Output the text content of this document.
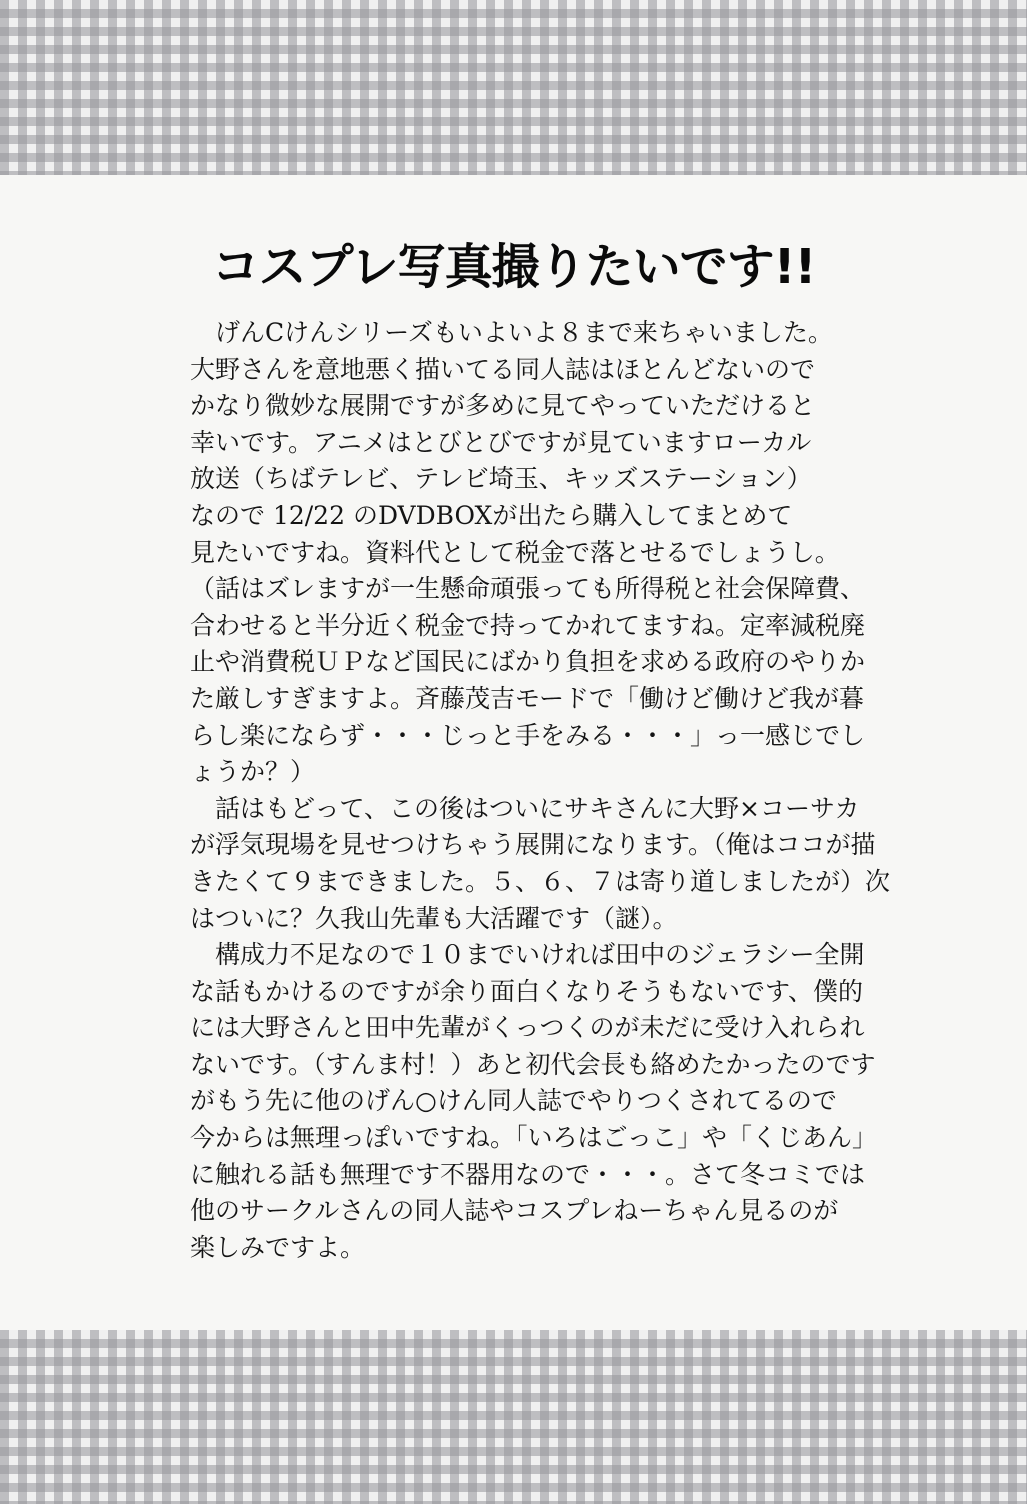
コスプレ写真撮りたいです!!
　げんCけんシリーズもいよいよ８まで来ちゃいました。
大野さんを意地悪く描いてる同人誌はほとんどないので
かなり微妙な展開ですが多めに見てやっていただけると
幸いです。アニメはとびとびですが見ていますローカル
放送（ちばテレビ、テレビ埼玉、キッズステーション）
なので 12/22 のDVDBOXが出たら購入してまとめて
見たいですね。資料代として税金で落とせるでしょうし。
（話はズレますが一生懸命頑張っても所得税と社会保障費、
合わせると半分近く税金で持ってかれてますね。定率減税廃
止や消費税ＵＰなど国民にばかり負担を求める政府のやりか
た厳しすぎますよ。斉藤茂吉モードで「働けど働けど我が暮
らし楽にならず・・・じっと手をみる・・・」っ一感じでし
ょうか？）
　話はもどって、この後はついにサキさんに大野×コーサカ
が浮気現場を見せつけちゃう展開になります。（俺はココが描
きたくて９まできました。５、６、７は寄り道しましたが）次
はついに？久我山先輩も大活躍です（謎）。
　構成力不足なので１０までいければ田中のジェラシー全開
な話もかけるのですが余り面白くなりそうもないです、僕的
には大野さんと田中先輩がくっつくのが未だに受け入れられ
ないです。（すんま村！）あと初代会長も絡めたかったのです
がもう先に他のげん○けん同人誌でやりつくされてるので
今からは無理っぽいですね。「いろはごっこ」や「くじあん」
に触れる話も無理です不器用なので・・・。さて冬コミでは
他のサークルさんの同人誌やコスプレねーちゃん見るのが
楽しみですよ。
